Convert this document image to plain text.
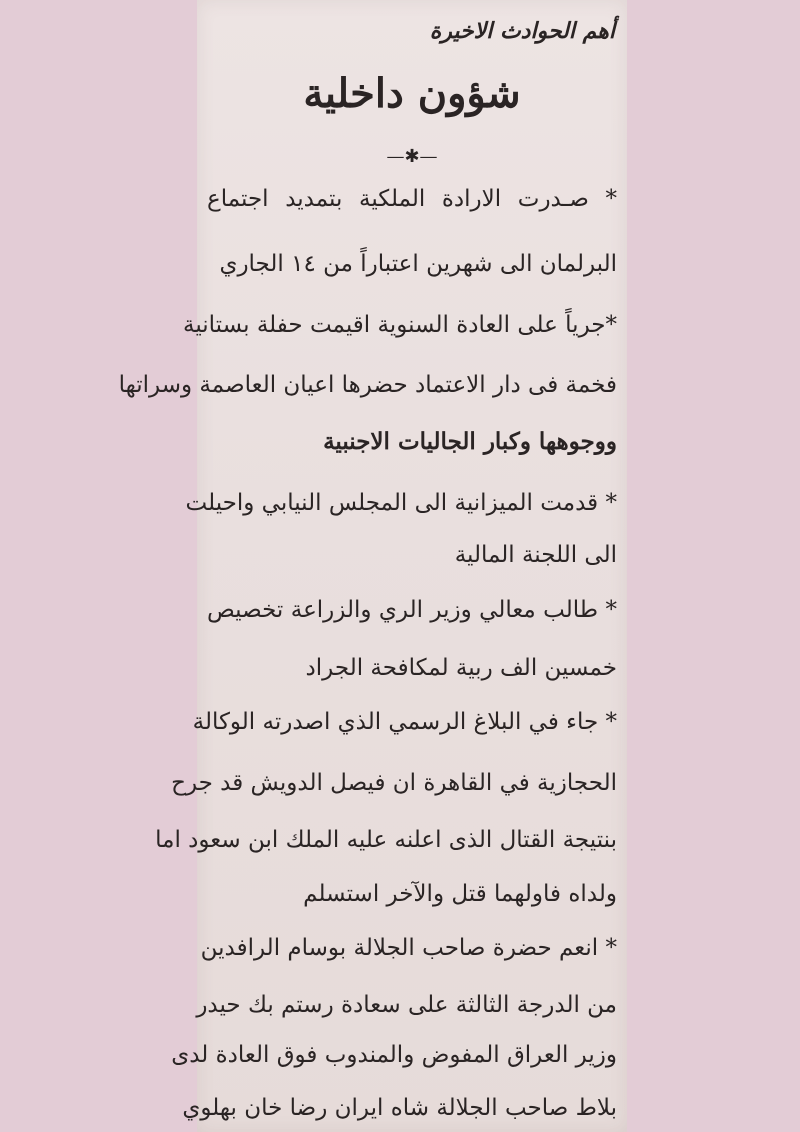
أهم الحوادث الاخيرة
شؤون داخلية
—✱—
* صـدرت الارادة الملكية بتمديد اجتماع
البرلمان الى شهرين اعتباراً من ١٤ الجاري
*جرياً على العادة السنوية اقيمت حفلة بستانية
فخمة فى دار الاعتماد حضرها اعيان العاصمة وسراتها
ووجوهها وكبار الجاليات الاجنبية
* قدمت الميزانية الى المجلس النيابي واحيلت
الى اللجنة المالية
* طالب معالي وزير الري والزراعة تخصيص
خمسين الف ربية لمكافحة الجراد
* جاء في البلاغ الرسمي الذي اصدرته الوكالة
الحجازية في القاهرة ان فيصل الدويش قد جرح
بنتيجة القتال الذى اعلنه عليه الملك ابن سعود اما
ولداه فاولهما قتل والآخر استسلم
* انعم حضرة صاحب الجلالة بوسام الرافدين
من الدرجة الثالثة على سعادة رستم بك حيدر
وزير العراق المفوض والمندوب فوق العادة لدى
بلاط صاحب الجلالة شاه ايران رضا خان بهلوي
